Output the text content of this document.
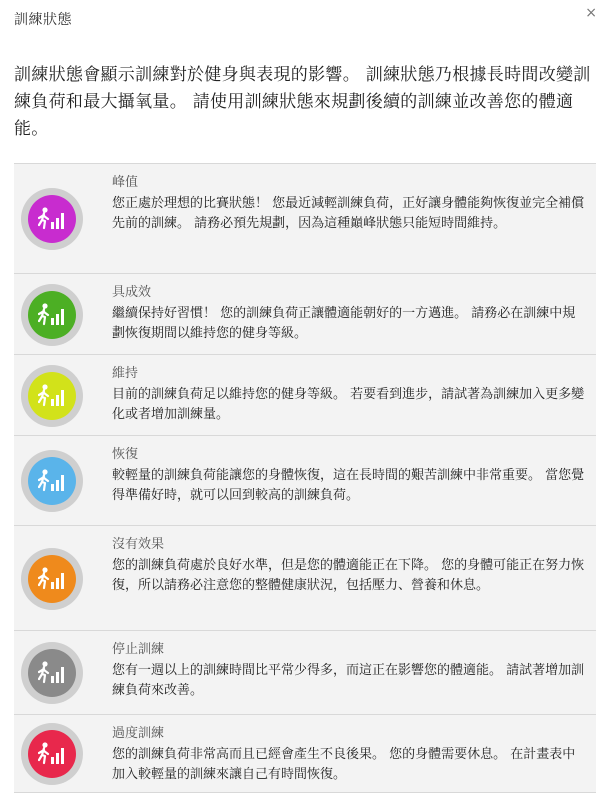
訓練狀態	×
訓練狀態會顯示訓練對於健身與表現的影響。 訓練狀態乃根據長時間改變訓練負荷和最大攝氧量。 請使用訓練狀態來規劃後續的訓練並改善您的體適能。
峰值
您正處於理想的比賽狀態！ 您最近減輕訓練負荷，正好讓身體能夠恢復並完全補償先前的訓練。 請務必預先規劃，因為這種巔峰狀態只能短時間維持。
具成效
繼續保持好習慣！ 您的訓練負荷正讓體適能朝好的一方邁進。 請務必在訓練中規劃恢復期間以維持您的健身等級。
維持
目前的訓練負荷足以維持您的健身等級。 若要看到進步，請試著為訓練加入更多變化或者增加訓練量。
恢復
較輕量的訓練負荷能讓您的身體恢復，這在長時間的艱苦訓練中非常重要。 當您覺得準備好時，就可以回到較高的訓練負荷。
沒有效果
您的訓練負荷處於良好水準，但是您的體適能正在下降。 您的身體可能正在努力恢復，所以請務必注意您的整體健康狀況，包括壓力、營養和休息。
停止訓練
您有一週以上的訓練時間比平常少得多，而這正在影響您的體適能。 請試著增加訓練負荷來改善。
過度訓練
您的訓練負荷非常高而且已經會產生不良後果。 您的身體需要休息。 在計畫表中加入較輕量的訓練來讓自己有時間恢復。
